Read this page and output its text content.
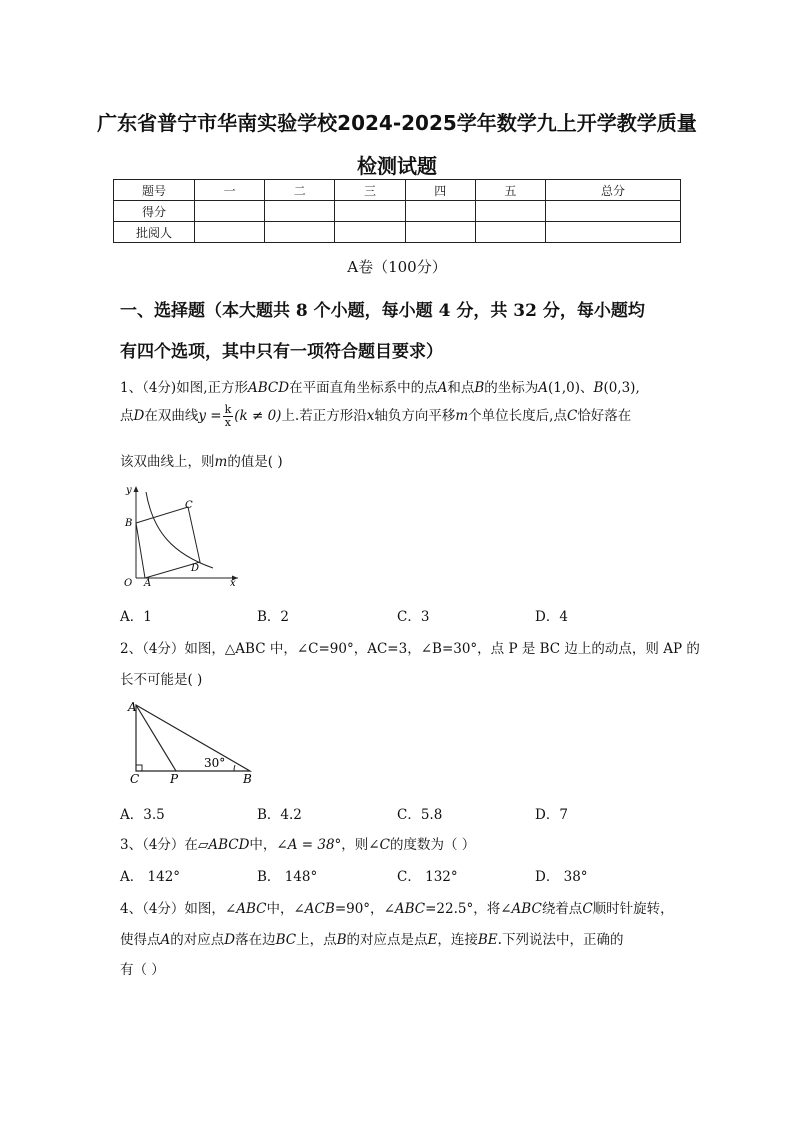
广东省普宁市华南实验学校2024-2025学年数学九上开学教学质量
检测试题
题号	一	二	三	四	五	总分
得分						
批阅人						
A卷（100分）
一、选择题（本大题共 8 个小题，每小题 4 分，共 32 分，每小题均
有四个选项，其中只有一项符合题目要求）
1、（4分)如图,正方形ABCD在平面直角坐标系中的点A和点B的坐标为A(1,0)、B(0,3),
点D在双曲线$y = \frac{k}{x} (k \ne 0)$上.若正方形沿x轴负方向平移m个单位长度后,点C恰好落在
该双曲线上，则m的值是( )
y
x
O A
B
C
D
A．1	B．2	C．3	D．4
2、（4分）如图，△ABC 中，∠C=90°，AC=3，∠B=30°，点 P 是 BC 边上的动点，则 AP 的
长不可能是( )
A
C	P	B
30°
A．3.5	B．4.2	C．5.8	D．7
3、（4分）在▱ABCD中，∠A = 38°，则∠C的度数为（ ）
A． 142°	B． 148°	C． 132°	D． 38°
4、（4分）如图，∠ABC中，∠ACB=90°，∠ABC=22.5°，将∠ABC绕着点C顺时针旋转，
使得点A的对应点D落在边BC上，点B的对应点是点E，连接BE.下列说法中，正确的
有（ ）
